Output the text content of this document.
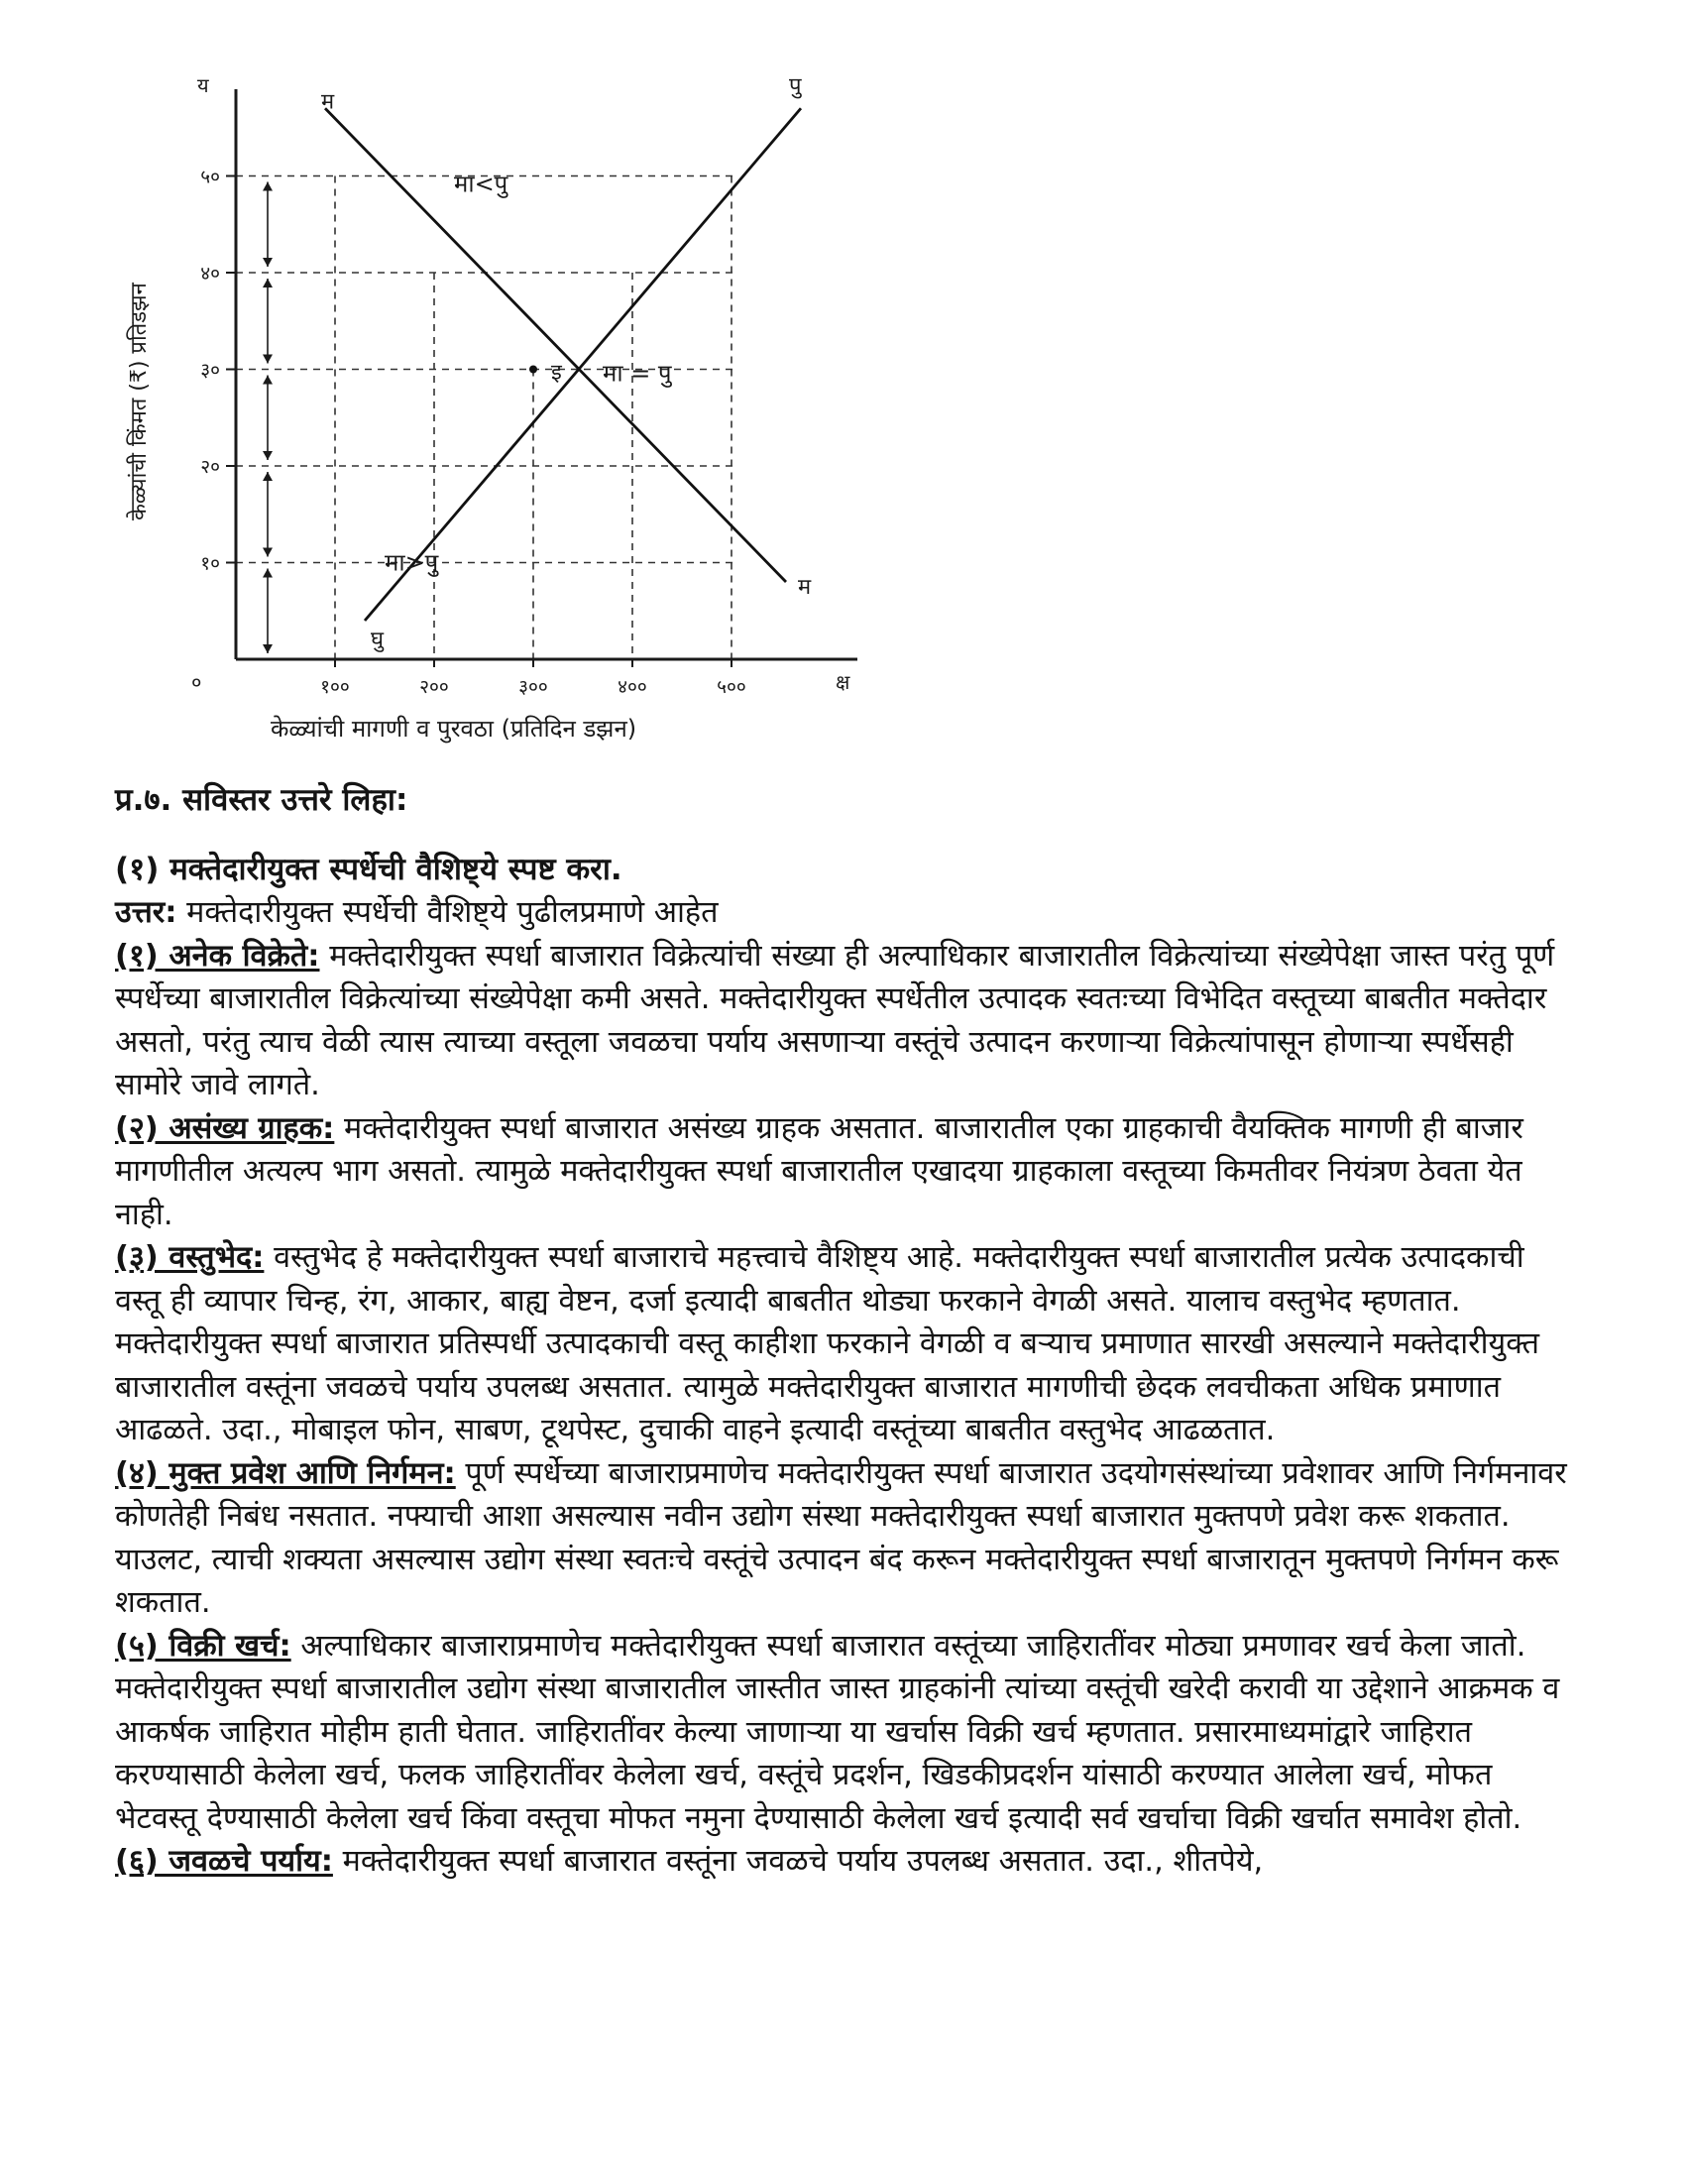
य
क्ष
०
१०
२०
३०
४०
५०
१००	२००	३००	४००	५००
म
म
घु
पु
केळ्यांची किंमत (₹) प्रतिडझन
केळ्यांची मागणी व पुरवठा (प्रतिदिन डझन)
मा<पु
मा = पु
मा>पु
इ

प्र.७. सविस्तर उत्तरे लिहा:

(१) मक्तेदारीयुक्त स्पर्धेची वैशिष्ट्ये स्पष्ट करा.

उत्तर: मक्तेदारीयुक्त स्पर्धेची वैशिष्ट्ये पुढीलप्रमाणे आहेत

(१) अनेक विक्रेते: मक्तेदारीयुक्त स्पर्धा बाजारात विक्रेत्यांची संख्या ही अल्पाधिकार बाजारातील विक्रेत्यांच्या संख्येपेक्षा जास्त परंतु पूर्ण स्पर्धेच्या बाजारातील विक्रेत्यांच्या संख्येपेक्षा कमी असते. मक्तेदारीयुक्त स्पर्धेतील उत्पादक स्वतःच्या विभेदित वस्तूच्या बाबतीत मक्तेदार असतो, परंतु त्याच वेळी त्यास त्याच्या वस्तूला जवळचा पर्याय असणाऱ्या वस्तूंचे उत्पादन करणाऱ्या विक्रेत्यांपासून होणाऱ्या स्पर्धेसही सामोरे जावे लागते.

(२) असंख्य ग्राहक: मक्तेदारीयुक्त स्पर्धा बाजारात असंख्य ग्राहक असतात. बाजारातील एका ग्राहकाची वैयक्तिक मागणी ही बाजार मागणीतील अत्यल्प भाग असतो. त्यामुळे मक्तेदारीयुक्त स्पर्धा बाजारातील एखादया ग्राहकाला वस्तूच्या किमतीवर नियंत्रण ठेवता येत नाही.

(३) वस्तुभेद: वस्तुभेद हे मक्तेदारीयुक्त स्पर्धा बाजाराचे महत्त्वाचे वैशिष्ट्य आहे. मक्तेदारीयुक्त स्पर्धा बाजारातील प्रत्येक उत्पादकाची वस्तू ही व्यापार चिन्ह, रंग, आकार, बाह्य वेष्टन, दर्जा इत्यादी बाबतीत थोड्या फरकाने वेगळी असते. यालाच वस्तुभेद म्हणतात. मक्तेदारीयुक्त स्पर्धा बाजारात प्रतिस्पर्धी उत्पादकाची वस्तू काहीशा फरकाने वेगळी व बऱ्याच प्रमाणात सारखी असल्याने मक्तेदारीयुक्त बाजारातील वस्तूंना जवळचे पर्याय उपलब्ध असतात. त्यामुळे मक्तेदारीयुक्त बाजारात मागणीची छेदक लवचीकता अधिक प्रमाणात आढळते. उदा., मोबाइल फोन, साबण, टूथपेस्ट, दुचाकी वाहने इत्यादी वस्तूंच्या बाबतीत वस्तुभेद आढळतात.

(४) मुक्त प्रवेश आणि निर्गमन: पूर्ण स्पर्धेच्या बाजाराप्रमाणेच मक्तेदारीयुक्त स्पर्धा बाजारात उदयोगसंस्थांच्या प्रवेशावर आणि निर्गमनावर कोणतेही निबंध नसतात. नफ्याची आशा असल्यास नवीन उद्योग संस्था मक्तेदारीयुक्त स्पर्धा बाजारात मुक्तपणे प्रवेश करू शकतात. याउलट, त्याची शक्यता असल्यास उद्योग संस्था स्वतःचे वस्तूंचे उत्पादन बंद करून मक्तेदारीयुक्त स्पर्धा बाजारातून मुक्तपणे निर्गमन करू शकतात.

(५) विक्री खर्च: अल्पाधिकार बाजाराप्रमाणेच मक्तेदारीयुक्त स्पर्धा बाजारात वस्तूंच्या जाहिरातींवर मोठ्या प्रमणावर खर्च केला जातो. मक्तेदारीयुक्त स्पर्धा बाजारातील उद्योग संस्था बाजारातील जास्तीत जास्त ग्राहकांनी त्यांच्या वस्तूंची खरेदी करावी या उद्देशाने आक्रमक व आकर्षक जाहिरात मोहीम हाती घेतात. जाहिरातींवर केल्या जाणाऱ्या या खर्चास विक्री खर्च म्हणतात. प्रसारमाध्यमांद्वारे जाहिरात करण्यासाठी केलेला खर्च, फलक जाहिरातींवर केलेला खर्च, वस्तूंचे प्रदर्शन, खिडकीप्रदर्शन यांसाठी करण्यात आलेला खर्च, मोफत भेटवस्तू देण्यासाठी केलेला खर्च किंवा वस्तूचा मोफत नमुना देण्यासाठी केलेला खर्च इत्यादी सर्व खर्चाचा विक्री खर्चात समावेश होतो.

(६) जवळचे पर्याय: मक्तेदारीयुक्त स्पर्धा बाजारात वस्तूंना जवळचे पर्याय उपलब्ध असतात. उदा., शीतपेये,
